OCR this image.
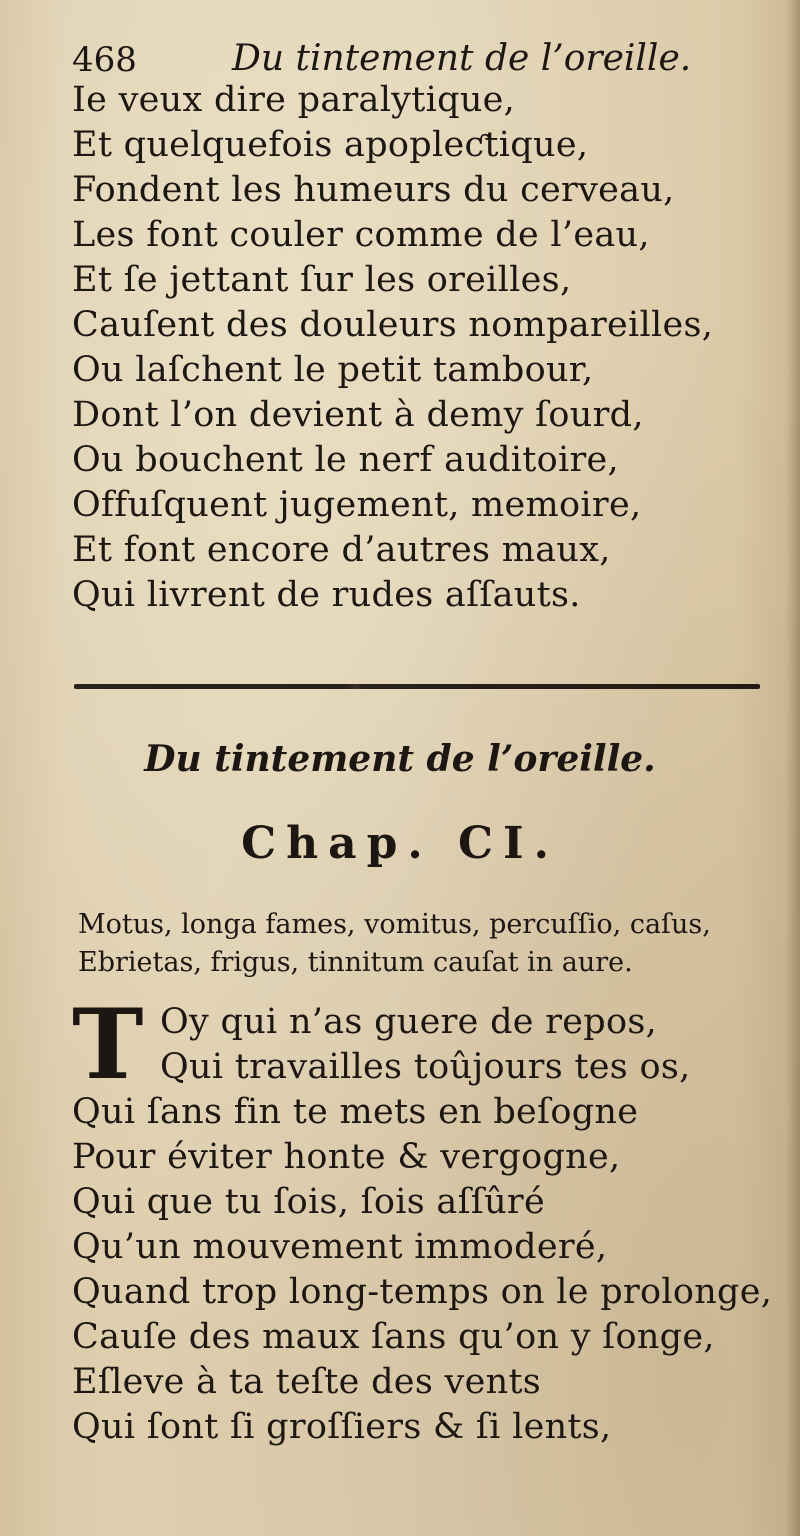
468	Du tintement de l’oreille.
Ie veux dire paralytique,
Et quelquefois apopleƈtique,
Fondent les humeurs du cerveau,
Les font couler comme de l’eau,
Et ſe jettant ſur les oreilles,
Cauſent des douleurs nompareilles,
Ou laſchent le petit tambour,
Dont l’on devient à demy ſourd,
Ou bouchent le nerf auditoire,
Offuſquent jugement, memoire,
Et font encore d’autres maux,
Qui livrent de rudes aſſauts.
Du tintement de l’oreille.
Chap. CI.
Motus, longa fames, vomitus, percuſſio, caſus,
Ebrietas, frigus, tinnitum cauſat in aure.
T Oy qui n’as guere de repos,
Qui travailles toûjours tes os,
Qui ſans fin te mets en beſogne
Pour éviter honte & vergogne,
Qui que tu ſois, ſois aſſûré
Qu’un mouvement immoderé,
Quand trop long-temps on le prolonge,
Cauſe des maux ſans qu’on y ſonge,
Eſleve à ta teſte des vents
Qui ſont ſi groſſiers & ſi lents,
